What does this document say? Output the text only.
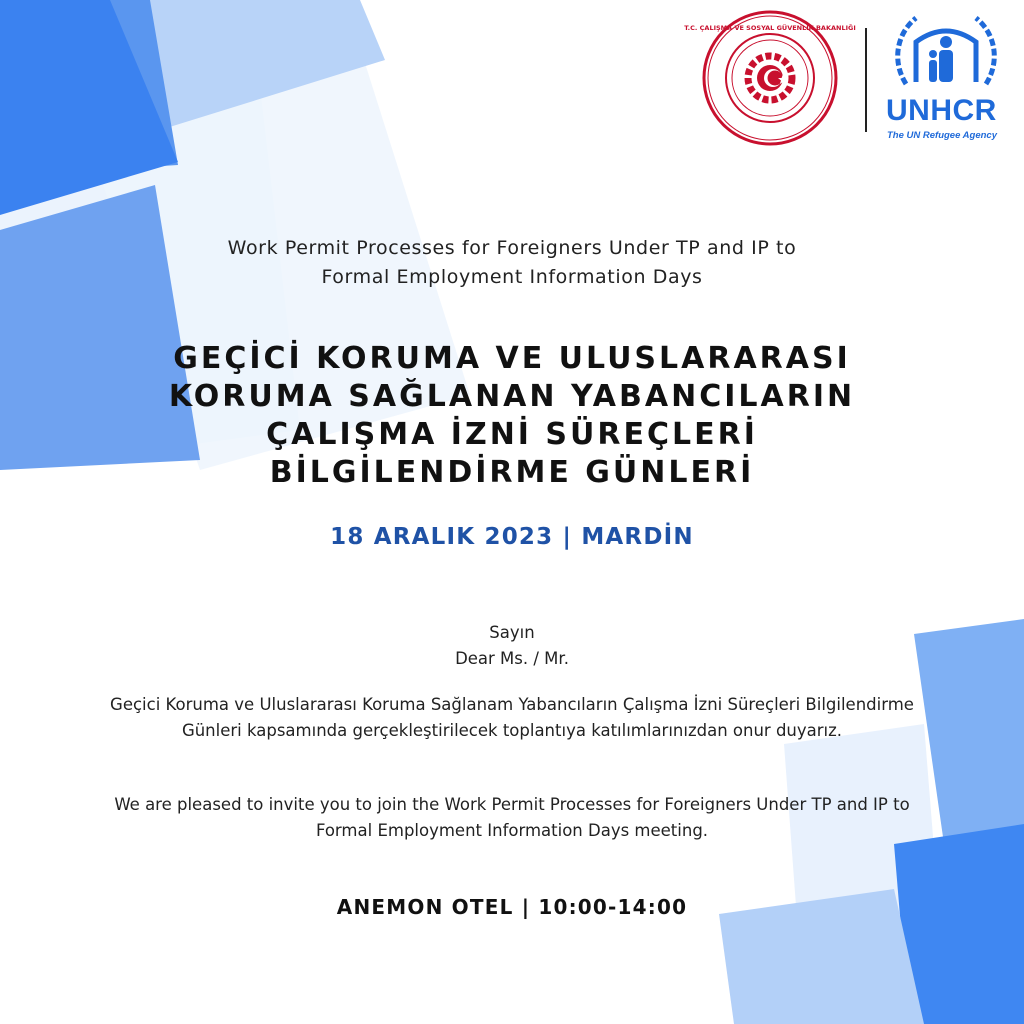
T.C. ÇALIŞMA VE SOSYAL GÜVENLİK BAKANLIĞI
UNHCR
The UN Refugee Agency
Work Permit Processes for Foreigners Under TP and IP to
Formal Employment Information Days
GEÇİCİ KORUMA VE ULUSLARARASI
KORUMA SAĞLANAN YABANCILARIN
ÇALIŞMA İZNİ SÜREÇLERİ
BİLGİLENDİRME GÜNLERİ
18 ARALIK 2023 | MARDİN
Sayın
Dear Ms. / Mr.
Geçici Koruma ve Uluslararası Koruma Sağlanam Yabancıların Çalışma İzni Süreçleri Bilgilendirme Günleri kapsamında gerçekleştirilecek toplantıya katılımlarınızdan onur duyarız.
We are pleased to invite you to join the Work Permit Processes for Foreigners Under TP and IP to Formal Employment Information Days meeting.
ANEMON OTEL | 10:00-14:00
